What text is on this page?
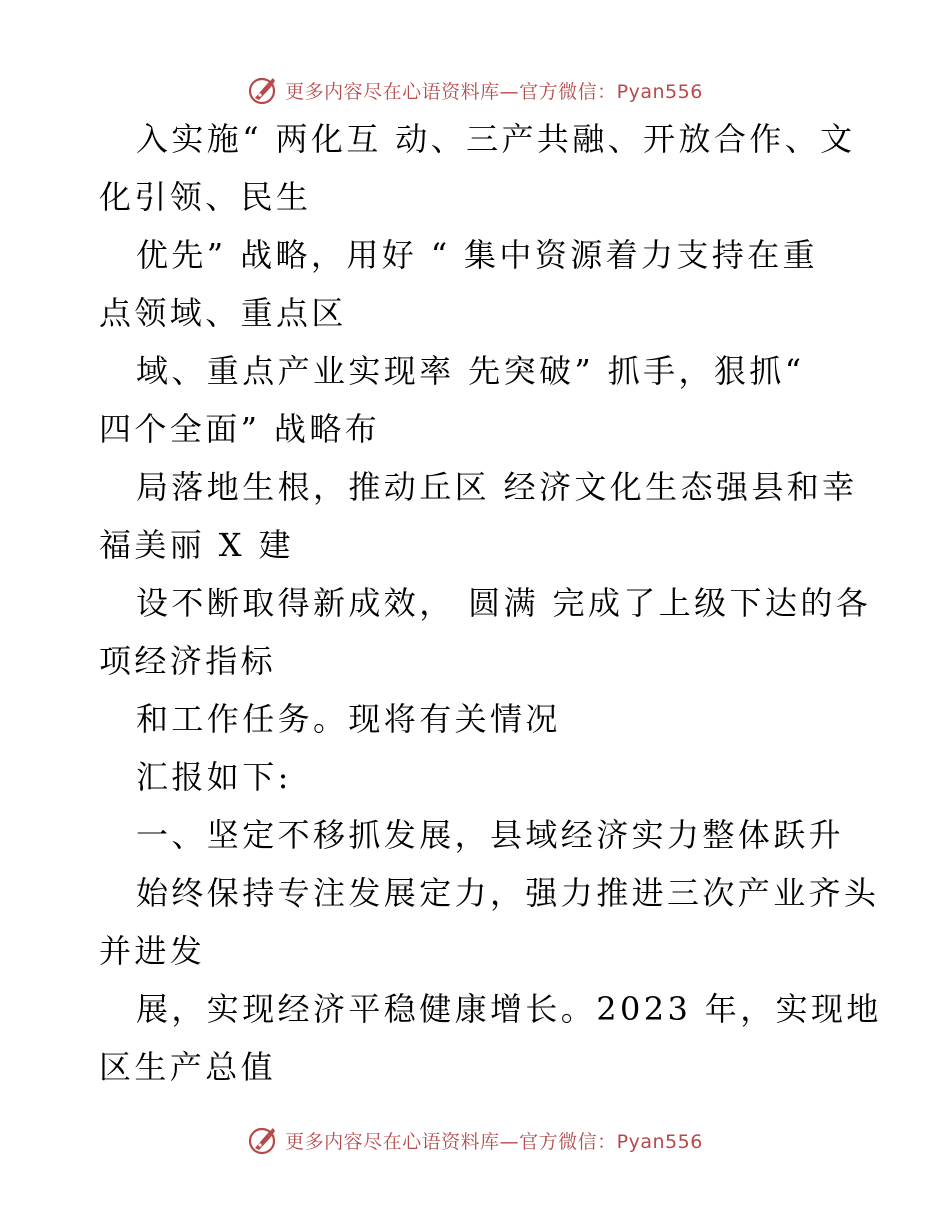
更多内容尽在心语资料库—官方微信：Pyan556
入实施“ 两化互 动、三产共融、开放合作、文
化引领、民生
优先” 战略，用好 “ 集中资源着力支持在重
点领域、重点区
域、重点产业实现率 先突破” 抓手，狠抓“
四个全面” 战略布
局落地生根，推动丘区 经济文化生态强县和幸
福美丽 X 建
设不断取得新成效， 圆满 完成了上级下达的各
项经济指标
和工作任务。现将有关情况
汇报如下:
一、坚定不移抓发展，县域经济实力整体跃升
始终保持专注发展定力，强力推进三次产业齐头
并进发
展，实现经济平稳健康增长。2023 年，实现地
区生产总值
更多内容尽在心语资料库—官方微信：Pyan556
